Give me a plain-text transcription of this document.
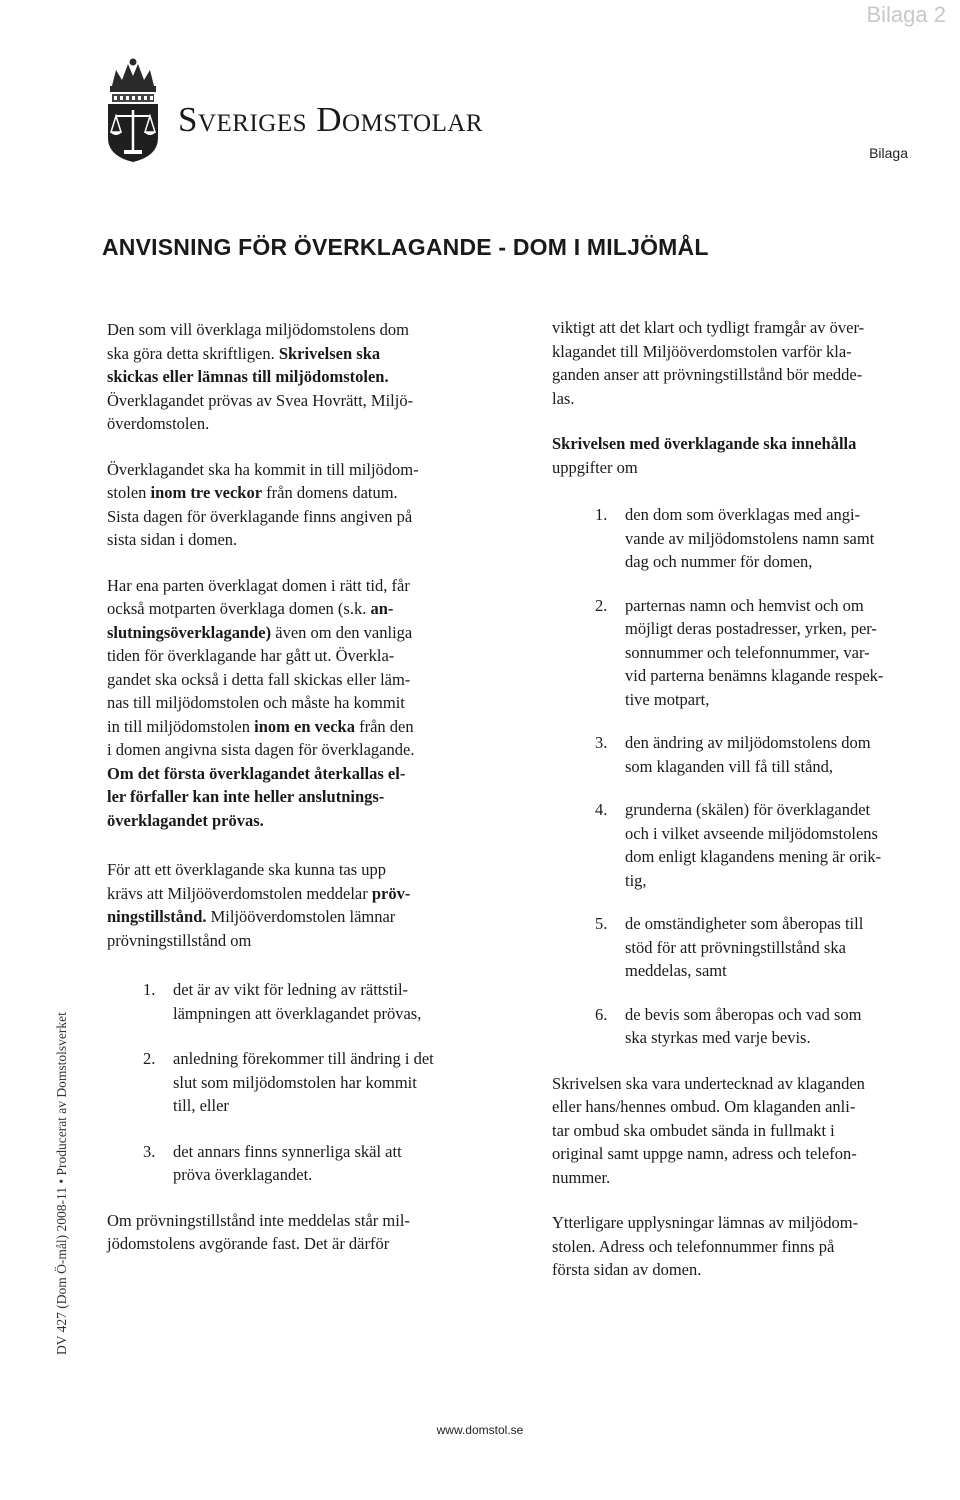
Bilaga 2
Sveriges Domstolar
Bilaga
ANVISNING FÖR ÖVERKLAGANDE - DOM I MILJÖMÅL
DV 427 (Dom Ö-mål) 2008-11 • Producerat av Domstolsverket

Den som vill överklaga miljödomstolens dom
ska göra detta skriftligen. Skrivelsen ska
skickas eller lämnas till miljödomstolen.
Överklagandet prövas av Svea Hovrätt, Miljö-
överdomstolen.

Överklagandet ska ha kommit in till miljödom-
stolen inom tre veckor från domens datum.
Sista dagen för överklagande finns angiven på
sista sidan i domen.

Har ena parten överklagat domen i rätt tid, får
också motparten överklaga domen (s.k. an-
slutningsöverklagande) även om den vanliga
tiden för överklagande har gått ut. Överkla-
gandet ska också i detta fall skickas eller läm-
nas till miljödomstolen och måste ha kommit
in till miljödomstolen inom en vecka från den
i domen angivna sista dagen för överklagande.
Om det första överklagandet återkallas el-
ler förfaller kan inte heller anslutnings-
överklagandet prövas.

För att ett överklagande ska kunna tas upp
krävs att Miljööverdomstolen meddelar pröv-
ningstillstånd. Miljööverdomstolen lämnar
prövningstillstånd om

1. det är av vikt för ledning av rättstil-
lämpningen att överklagandet prövas,
2. anledning förekommer till ändring i det
slut som miljödomstolen har kommit
till, eller
3. det annars finns synnerliga skäl att
pröva överklagandet.

Om prövningstillstånd inte meddelas står mil-
jödomstolens avgörande fast. Det är därför

viktigt att det klart och tydligt framgår av över-
klagandet till Miljööverdomstolen varför kla-
ganden anser att prövningstillstånd bör medde-
las.

Skrivelsen med överklagande ska innehålla
uppgifter om

1. den dom som överklagas med angi-
vande av miljödomstolens namn samt
dag och nummer för domen,
2. parternas namn och hemvist och om
möjligt deras postadresser, yrken, per-
sonnummer och telefonnummer, var-
vid parterna benämns klagande respek-
tive motpart,
3. den ändring av miljödomstolens dom
som klaganden vill få till stånd,
4. grunderna (skälen) för överklagandet
och i vilket avseende miljödomstolens
dom enligt klagandens mening är orik-
tig,
5. de omständigheter som åberopas till
stöd för att prövningstillstånd ska
meddelas, samt
6. de bevis som åberopas och vad som
ska styrkas med varje bevis.

Skrivelsen ska vara undertecknad av klaganden
eller hans/hennes ombud. Om klaganden anli-
tar ombud ska ombudet sända in fullmakt i
original samt uppge namn, adress och telefon-
nummer.

Ytterligare upplysningar lämnas av miljödom-
stolen. Adress och telefonnummer finns på
första sidan av domen.

www.domstol.se
